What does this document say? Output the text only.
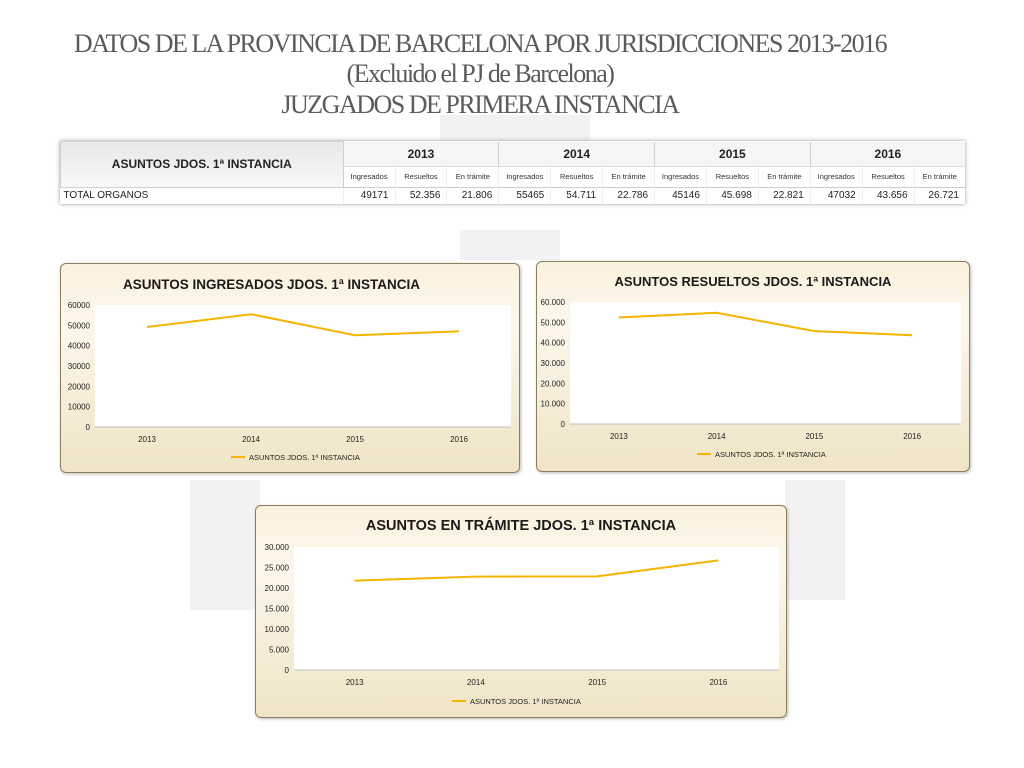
DATOS DE LA PROVINCIA DE BARCELONA POR JURISDICCIONES 2013-2016
(Excluido el PJ de Barcelona)
JUZGADOS DE PRIMERA INSTANCIA
ASUNTOS JDOS. 1ª INSTANCIA	2013			2014			2015			2016		
	Ingresados	Resueltos	En trámite	Ingresados	Resueltos	En trámite	Ingresados	Resueltos	En trámite	Ingresados	Resueltos	En trámite
TOTAL ORGANOS	49171	52.356	21.806	55465	54.711	22.786	45146	45.698	22.821	47032	43.656	26.721
ASUNTOS INGRESADOS JDOS. 1ª INSTANCIA
0
10000
20000
30000
40000
50000
60000
2013	2014	2015	2016
ASUNTOS JDOS. 1ª INSTANCIA
ASUNTOS RESUELTOS JDOS. 1ª INSTANCIA
0
10.000
20.000
30.000
40.000
50.000
60.000
2013	2014	2015	2016
ASUNTOS JDOS. 1ª INSTANCIA
ASUNTOS EN TRÁMITE JDOS. 1ª INSTANCIA
0
5.000
10.000
15.000
20.000
25.000
30.000
2013	2014	2015	2016
ASUNTOS JDOS. 1ª INSTANCIA
